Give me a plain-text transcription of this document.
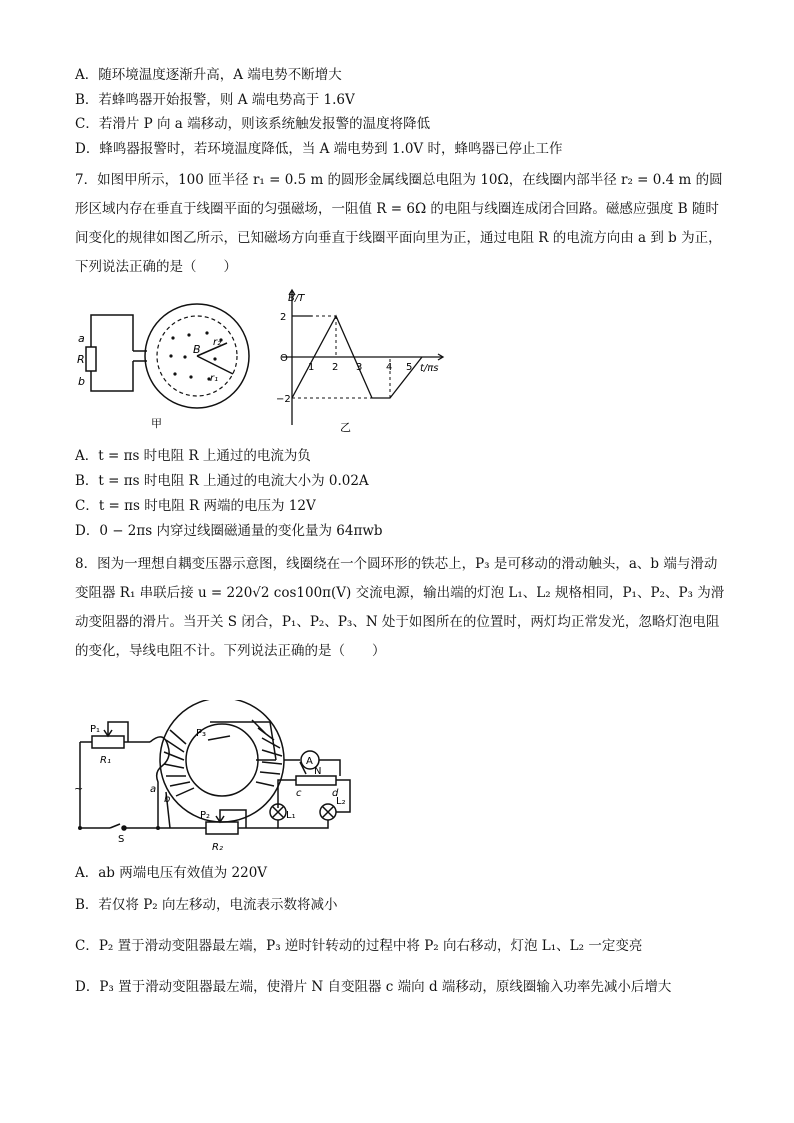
A．随环境温度逐渐升高，A 端电势不断增大
B．若蜂鸣器开始报警，则 A 端电势高于 1.6V
C．若滑片 P 向 a 端移动，则该系统触发报警的温度将降低
D．蜂鸣器报警时，若环境温度降低，当 A 端电势到 1.0V 时，蜂鸣器已停止工作
7．如图甲所示，100 匝半径 r₁ = 0.5 m 的圆形金属线圈总电阻为 10Ω，在线圈内部半径 r₂ = 0.4 m 的圆形区域内存在垂直于线圈平面的匀强磁场，一阻值 R = 6Ω 的电阻与线圈连成闭合回路。磁感应强度 B 随时间变化的规律如图乙所示，已知磁场方向垂直于线圈平面向里为正，通过电阻 R 的电流方向由 a 到 b 为正，下列说法正确的是（　　）
a
R
b
B
r₁
r₂
甲
B/T
t/πs
O
2
−2
1 2 3 4 5
乙
A．t = πs 时电阻 R 上通过的电流为负
B．t = πs 时电阻 R 上通过的电流大小为 0.02A
C．t = πs 时电阻 R 两端的电压为 12V
D．0 − 2πs 内穿过线圈磁通量的变化量为 64πwb
8．图为一理想自耦变压器示意图，线圈绕在一个圆环形的铁芯上，P₃ 是可移动的滑动触头，a、b 端与滑动变阻器 R₁ 串联后接 u = 220√2 cos100π(V) 交流电源，输出端的灯泡 L₁、L₂ 规格相同，P₁、P₂、P₃ 为滑动变阻器的滑片。当开关 S 闭合，P₁、P₂、P₃、N 处于如图所在的位置时，两灯均正常发光，忽略灯泡电阻的变化，导线电阻不计。下列说法正确的是（　　）
P₁
R₁
P₃
A
N
c	d
L₁
L₂
P₂
R₂
S
a
b
~
A．ab 两端电压有效值为 220V
B．若仅将 P₂ 向左移动，电流表示数将减小
C．P₂ 置于滑动变阻器最左端，P₃ 逆时针转动的过程中将 P₂ 向右移动，灯泡 L₁、L₂ 一定变亮
D．P₃ 置于滑动变阻器最左端，使滑片 N 自变阻器 c 端向 d 端移动，原线圈输入功率先减小后增大
